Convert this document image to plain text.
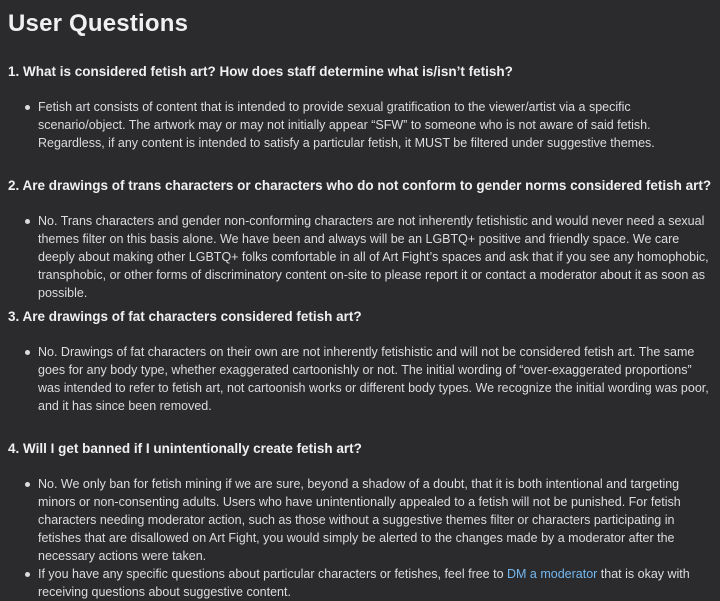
User Questions

1. What is considered fetish art? How does staff determine what is/isn’t fetish?

Fetish art consists of content that is intended to provide sexual gratification to the viewer/artist via a specific scenario/object. The artwork may or may not initially appear “SFW” to someone who is not aware of said fetish. Regardless, if any content is intended to satisfy a particular fetish, it MUST be filtered under suggestive themes.

2. Are drawings of trans characters or characters who do not conform to gender norms considered fetish art?

No. Trans characters and gender non-conforming characters are not inherently fetishistic and would never need a sexual themes filter on this basis alone. We have been and always will be an LGBTQ+ positive and friendly space. We care deeply about making other LGBTQ+ folks comfortable in all of Art Fight’s spaces and ask that if you see any homophobic, transphobic, or other forms of discriminatory content on-site to please report it or contact a moderator about it as soon as possible.

3. Are drawings of fat characters considered fetish art?

No. Drawings of fat characters on their own are not inherently fetishistic and will not be considered fetish art. The same goes for any body type, whether exaggerated cartoonishly or not. The initial wording of “over-exaggerated proportions” was intended to refer to fetish art, not cartoonish works or different body types. We recognize the initial wording was poor, and it has since been removed.

4. Will I get banned if I unintentionally create fetish art?

No. We only ban for fetish mining if we are sure, beyond a shadow of a doubt, that it is both intentional and targeting minors or non-consenting adults. Users who have unintentionally appealed to a fetish will not be punished. For fetish characters needing moderator action, such as those without a suggestive themes filter or characters participating in fetishes that are disallowed on Art Fight, you would simply be alerted to the changes made by a moderator after the necessary actions were taken.
If you have any specific questions about particular characters or fetishes, feel free to DM a moderator that is okay with receiving questions about suggestive content.
